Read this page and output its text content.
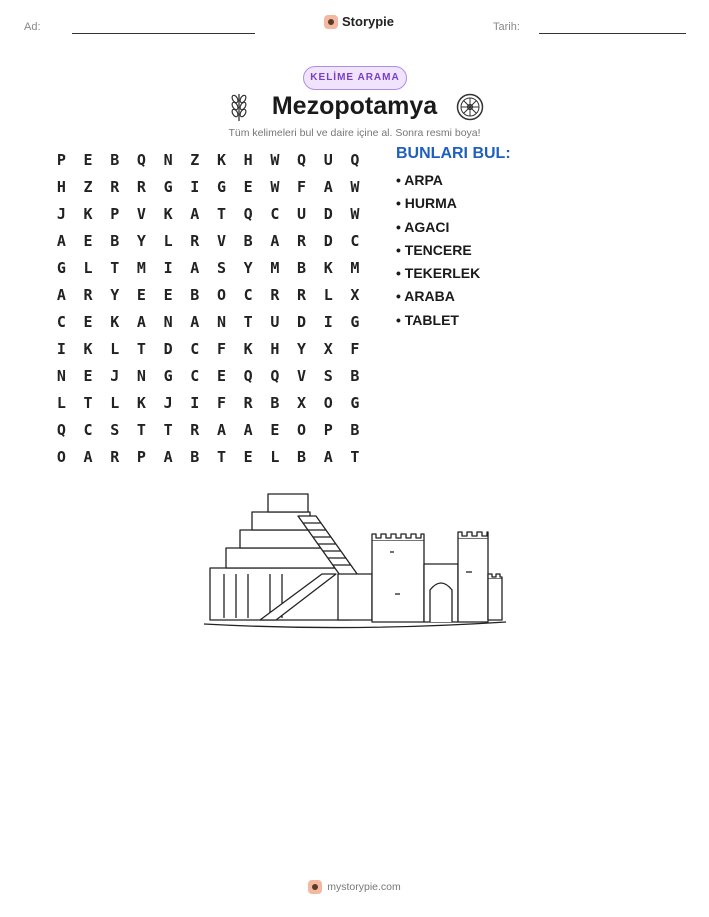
Ad:	Storypie	Tarih:
KELİME ARAMA
Mezopotamya
Tüm kelimeleri bul ve daire içine al. Sonra resmi boya!
P	E	B	Q	N	Z	K	H	W	Q	U	Q
H	Z	R	R	G	I	G	E	W	F	A	W
J	K	P	V	K	A	T	Q	C	U	D	W
A	E	B	Y	L	R	V	B	A	R	D	C
G	L	T	M	I	A	S	Y	M	B	K	M
A	R	Y	E	E	B	O	C	R	R	L	X
C	E	K	A	N	A	N	T	U	D	I	G
I	K	L	T	D	C	F	K	H	Y	X	F
N	E	J	N	G	C	E	Q	Q	V	S	B
L	T	L	K	J	I	F	R	B	X	O	G
Q	C	S	T	T	R	A	A	E	O	P	B
O	A	R	P	A	B	T	E	L	B	A	T
BUNLARI BUL:
• ARPA
• HURMA
• AGACI
• TENCERE
• TEKERLEK
• ARABA
• TABLET
mystorypie.com
